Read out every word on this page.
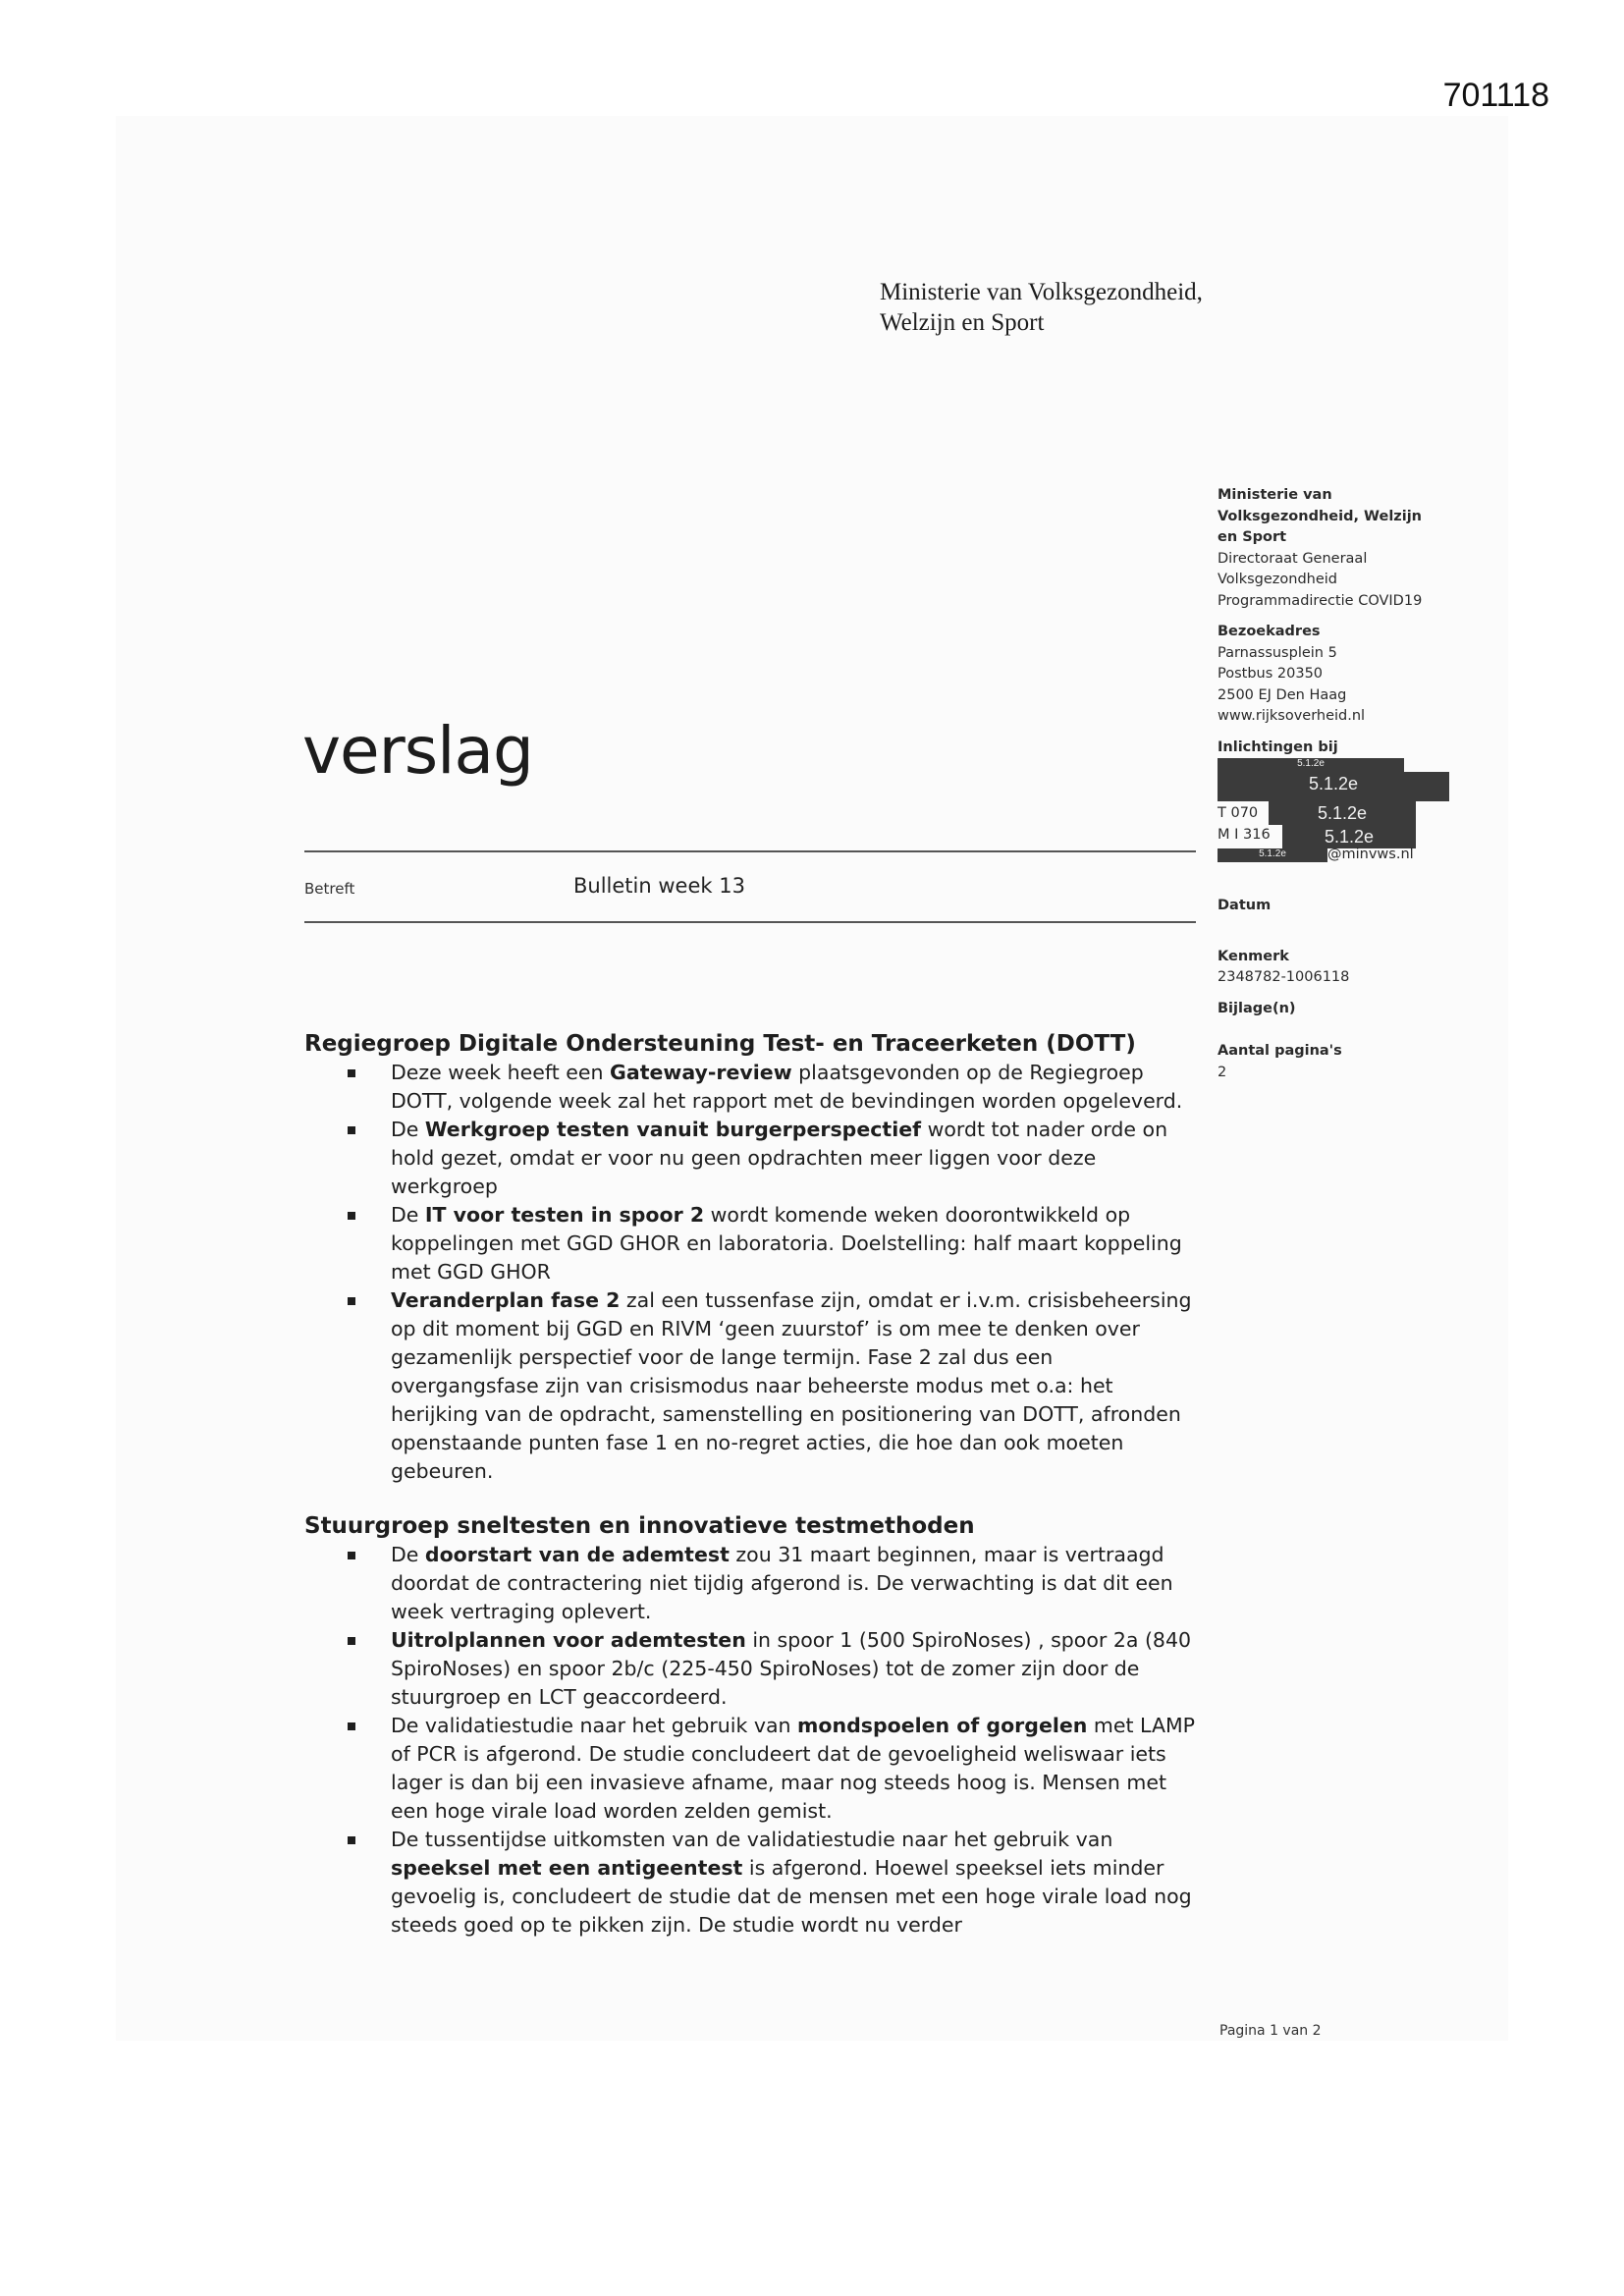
701118
Ministerie van Volksgezondheid,
Welzijn en Sport
Ministerie van
Volksgezondheid, Welzijn
en Sport
Directoraat Generaal
Volksgezondheid
Programmadirectie COVID19
Bezoekadres
Parnassusplein 5
Postbus 20350
2500 EJ Den Haag
www.rijksoverheid.nl
Inlichtingen bij
5.1.2e
5.1.2e
T 070	5.1.2e
M I 316	5.1.2e
5.1.2e	@minvws.nl
Datum
Kenmerk
2348782-1006118
Bijlage(n)
Aantal pagina's
2
verslag
Betreft	Bulletin week 13
Regiegroep Digitale Ondersteuning Test- en Traceerketen (DOTT)
Deze week heeft een Gateway-review plaatsgevonden op de Regiegroep DOTT, volgende week zal het rapport met de bevindingen worden opgeleverd.
De Werkgroep testen vanuit burgerperspectief wordt tot nader orde on hold gezet, omdat er voor nu geen opdrachten meer liggen voor deze werkgroep
De IT voor testen in spoor 2 wordt komende weken doorontwikkeld op koppelingen met GGD GHOR en laboratoria. Doelstelling: half maart koppeling met GGD GHOR
Veranderplan fase 2 zal een tussenfase zijn, omdat er i.v.m. crisisbeheersing op dit moment bij GGD en RIVM ‘geen zuurstof’ is om mee te denken over gezamenlijk perspectief voor de lange termijn. Fase 2 zal dus een overgangsfase zijn van crisismodus naar beheerste modus met o.a: het herijking van de opdracht, samenstelling en positionering van DOTT, afronden openstaande punten fase 1 en no-regret acties, die hoe dan ook moeten gebeuren.
Stuurgroep sneltesten en innovatieve testmethoden
De doorstart van de ademtest zou 31 maart beginnen, maar is vertraagd doordat de contractering niet tijdig afgerond is. De verwachting is dat dit een week vertraging oplevert.
Uitrolplannen voor ademtesten in spoor 1 (500 SpiroNoses) , spoor 2a (840 SpiroNoses) en spoor 2b/c (225-450 SpiroNoses) tot de zomer zijn door de stuurgroep en LCT geaccordeerd.
De validatiestudie naar het gebruik van mondspoelen of gorgelen met LAMP of PCR is afgerond. De studie concludeert dat de gevoeligheid weliswaar iets lager is dan bij een invasieve afname, maar nog steeds hoog is. Mensen met een hoge virale load worden zelden gemist.
De tussentijdse uitkomsten van de validatiestudie naar het gebruik van speeksel met een antigeentest is afgerond. Hoewel speeksel iets minder gevoelig is, concludeert de studie dat de mensen met een hoge virale load nog steeds goed op te pikken zijn. De studie wordt nu verder
Pagina 1 van 2
